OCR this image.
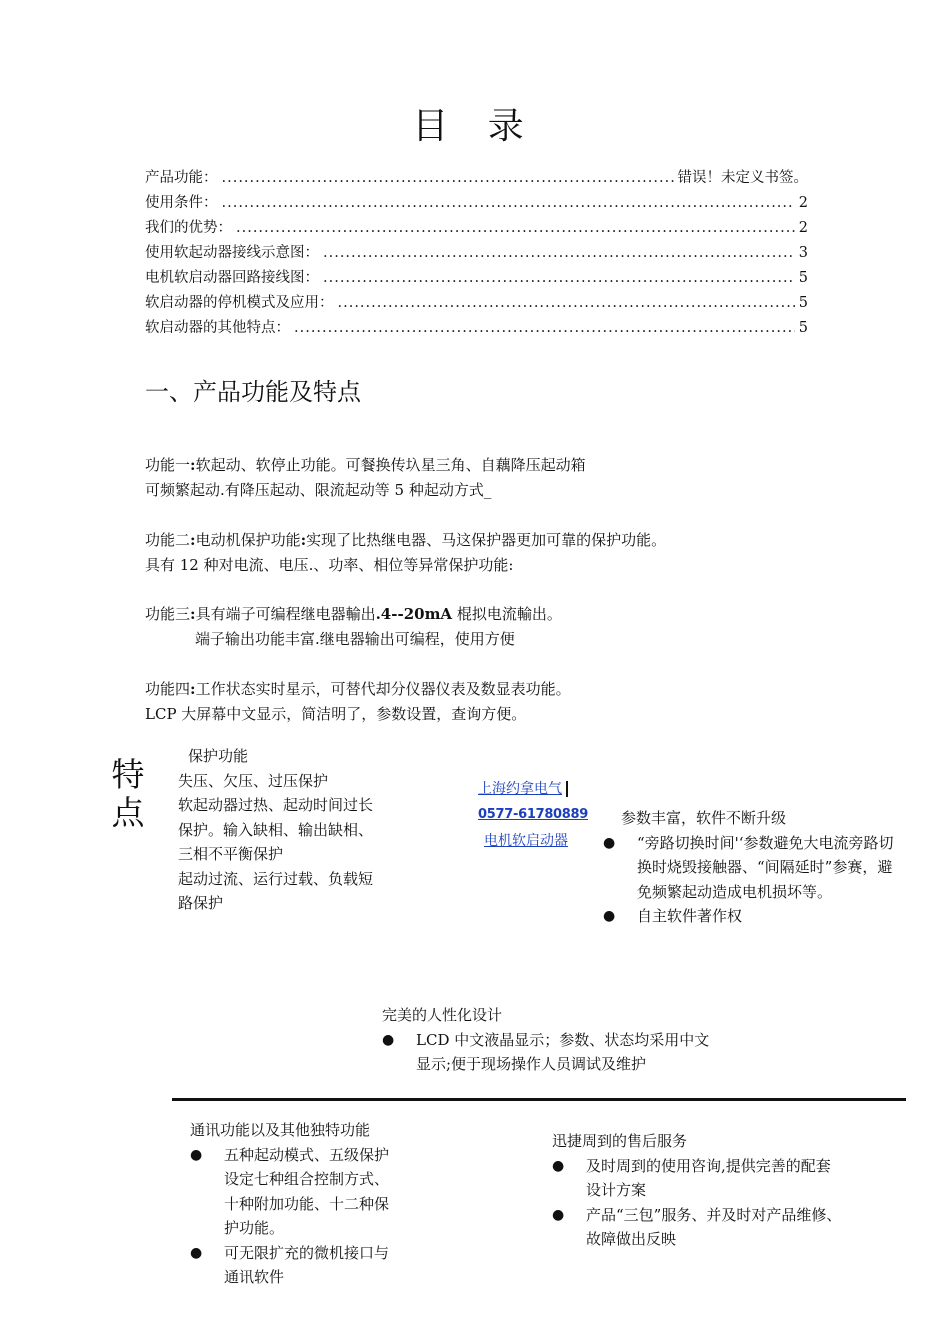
目 录
产品功能： .....	错误！未定义书签。
使用条件： .....	2
我们的优势： .....	2
使用软起动器接线示意图： .....	3
电机软启动器回路接线图： .....	5
软启动器的停机模式及应用： .....	5
软启动器的其他特点： .....	5
一、产品功能及特点
功能一:软起动、软停止功能。可餐换传圦星三角、自藕降压起动箱
可频繁起动.有降压起动、限流起动等 5 种起动方式_
功能二:电动机保护功能:实现了比热继电器、马这保护器更加可靠的保护功能。
具有 12 种对电流、电压.、功率、相位等异常保护功能:
功能三:具有端子可编程继电器輸出.4--20mA 棍拟电流輸出。
端子输出功能丰富.继电器输出可编程，使用方便
功能四:工作状态实时星示，可替代却分仪器仪表及数显表功能。
LCP 大屏幕中文显示，简洁明了，参数设置，查询方便。
特
点
保护功能
失压、欠压、过压保护
软起动器过热、起动时间过长
保护。输入缺相、输出缺相、
三相不平衡保护
起动过流、运行过载、负载短
路保护
上海约拿电气
0577-61780889
电机软启动器
参数丰富，软件不断升级
● “旁路切换时间'‘参数避免大电流旁路切
换时烧毁接触器、“间隔延时”参赛，避
免频繁起动造成电机损坏等。
● 自主软件著作权
完美的人性化设计
● LCD 中文液晶显示；参数、状态均采用中文
显示;便于现场操作人员调试及维护
通讯功能以及其他独特功能
● 五种起动模式、五级保护
设定七种组合控制方式、
十种附加功能、十二种保
护功能。
● 可无限扩充的微机接口与
通讯软件
迅捷周到的售后服务
● 及时周到的使用咨询,提供完善的配套
设计方案
● 产品“三包”服务、并及时对产品维修、
故障做出反映
